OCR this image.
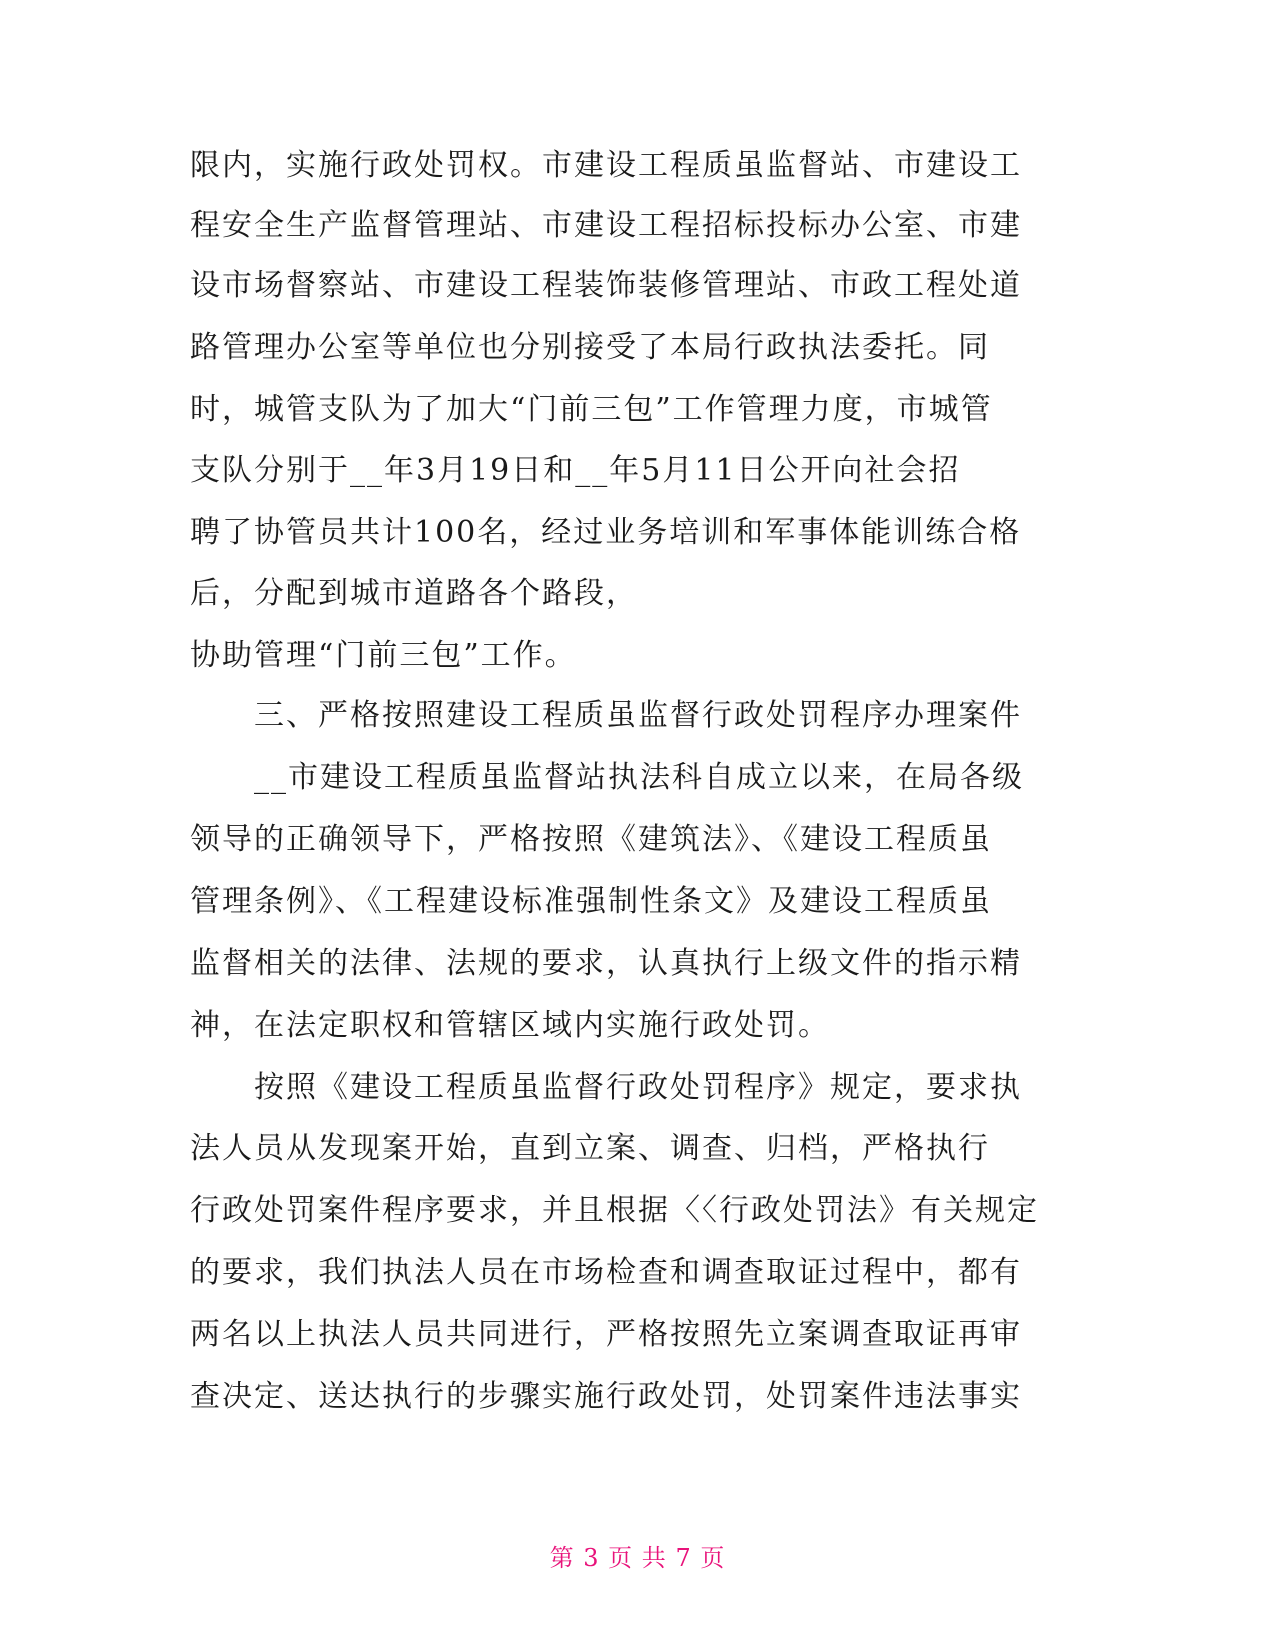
限内，实施行政处罚权。市建设工程质虽监督站、市建设工
程安全生产监督管理站、市建设工程招标投标办公室、市建
设市场督察站、市建设工程装饰装修管理站、市政工程处道
路管理办公室等单位也分别接受了本局行政执法委托。同
时，城管支队为了加大“门前三包”工作管理力度，市城管
支队分别于__年3月19日和__年5月11日公开向社会招
聘了协管员共计100名，经过业务培训和军事体能训练合格
后，分配到城市道路各个路段，
协助管理“门前三包”工作。
　　三、严格按照建设工程质虽监督行政处罚程序办理案件
　　__市建设工程质虽监督站执法科自成立以来，在局各级
领导的正确领导下，严格按照《建筑法》、《建设工程质虽
管理条例》、《工程建设标准强制性条文》及建设工程质虽
监督相关的法律、法规的要求，认真执行上级文件的指示精
神，在法定职权和管辖区域内实施行政处罚。
　　按照《建设工程质虽监督行政处罚程序》规定，要求执
法人员从发现案开始，直到立案、调查、归档，严格执行
行政处罚案件程序要求，并且根据〈〈行政处罚法》有关规定
的要求，我们执法人员在市场检查和调查取证过程中，都有
两名以上执法人员共同进行，严格按照先立案调查取证再审
查决定、送达执行的步骤实施行政处罚，处罚案件违法事实
第 3 页 共 7 页
